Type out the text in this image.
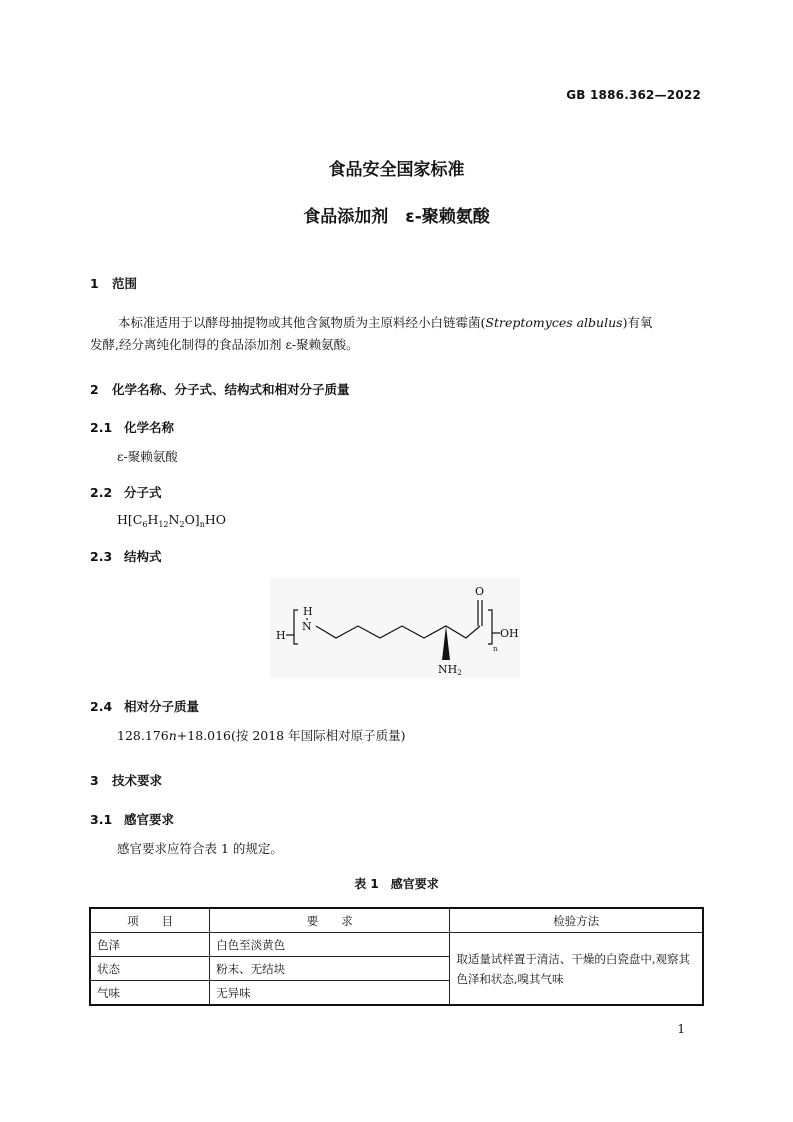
GB 1886.362—2022
食品安全国家标准
食品添加剂　ε-聚赖氨酸
1 范围
本标准适用于以酵母抽提物或其他含氮物质为主原料经小白链霉菌(Streptomyces albulus)有氧
发酵,经分离纯化制得的食品添加剂 ε-聚赖氨酸。
2 化学名称、分子式、结构式和相对分子质量
2.1 化学名称
ε-聚赖氨酸
2.2 分子式
$H[C_6H_{12}N_2O]_nHO$
2.3 结构式
H
H
N
O
OH
NH2
n
2.4 相对分子质量
128.176n+18.016(按 2018 年国际相对原子质量)
3 技术要求
3.1 感官要求
感官要求应符合表 1 的规定。
表 1　感官要求
项　　目	要　　求	检验方法
色泽	白色至淡黄色	取适量试样置于清洁、干燥的白瓷盘中,观察其色泽和状态,嗅其气味
状态	粉末、无结块	
气味	无异味	
1
